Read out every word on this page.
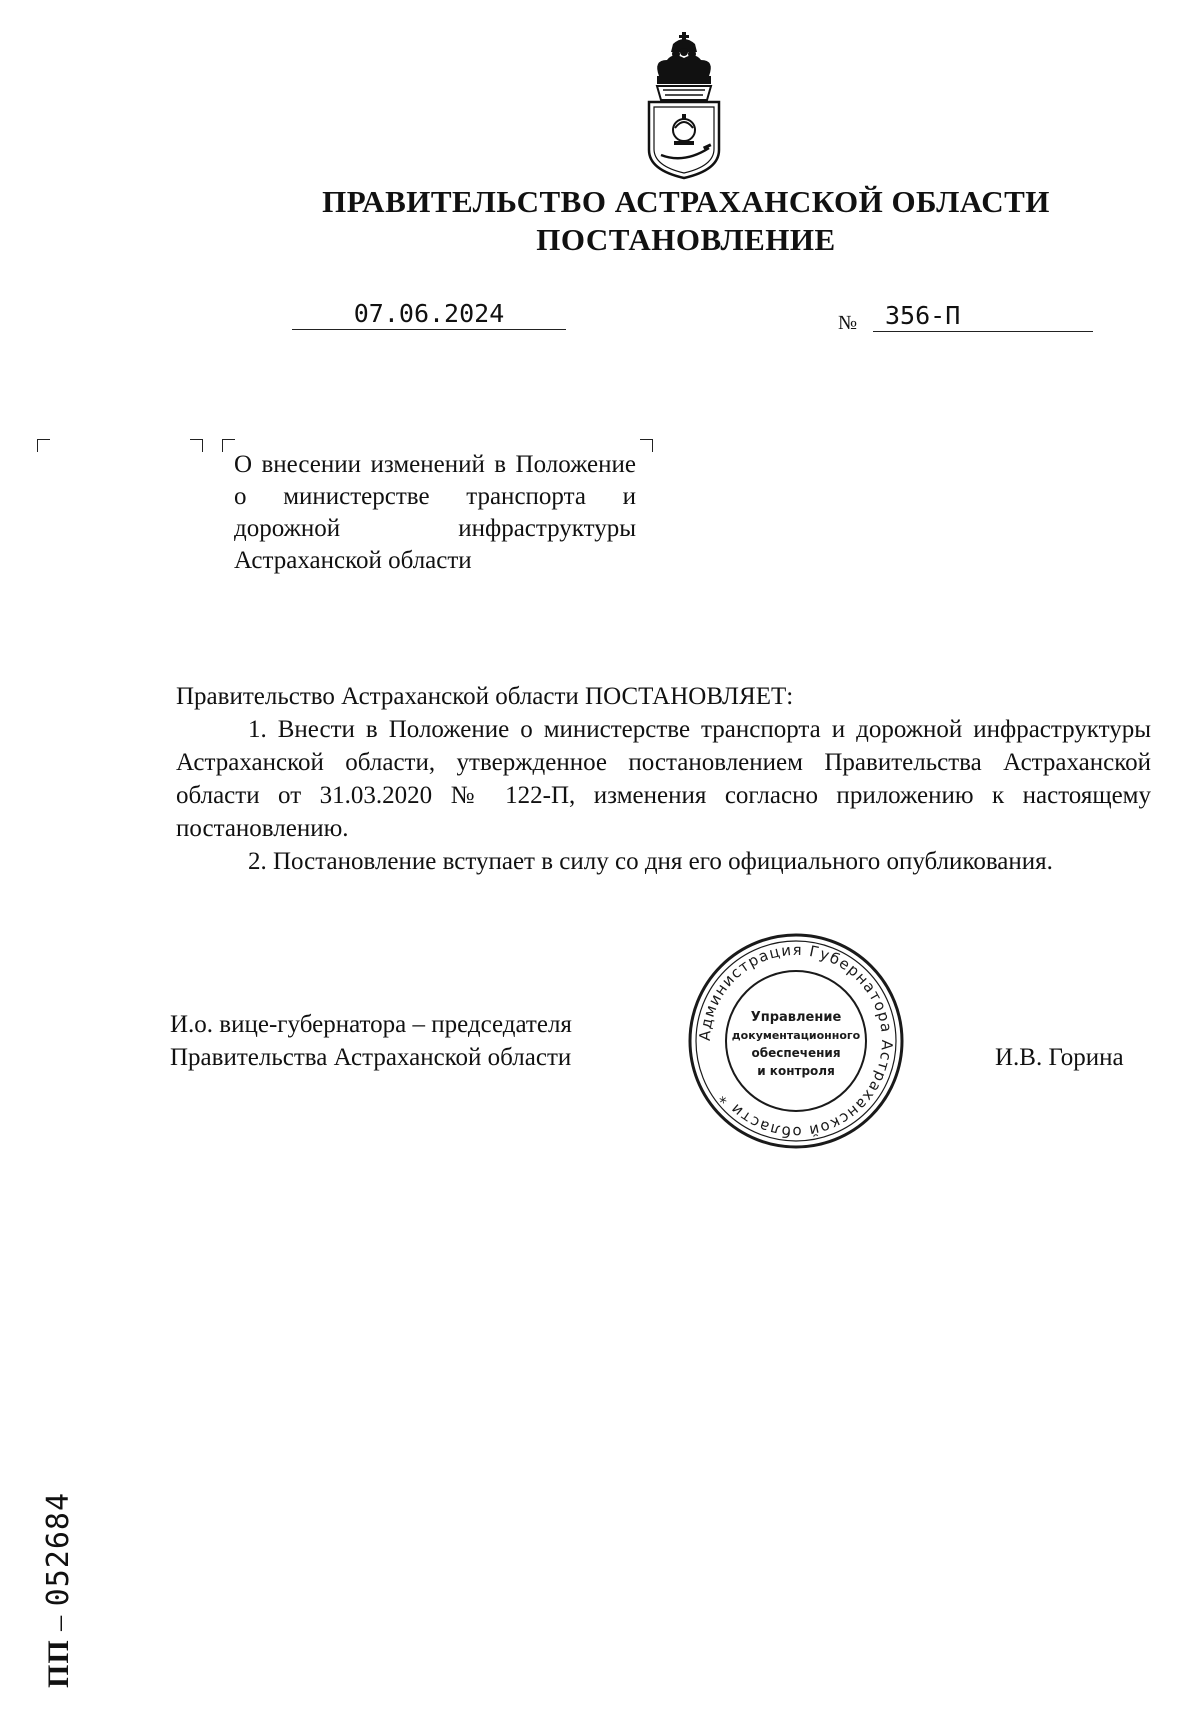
ПРАВИТЕЛЬСТВО АСТРАХАНСКОЙ ОБЛАСТИ
ПОСТАНОВЛЕНИЕ
07.06.2024	№ 356-П
О внесении изменений в Положение о министерстве транспорта и дорожной инфраструктуры Астраханской области

Правительство Астраханской области ПОСТАНОВЛЯЕТ:

1. Внести в Положение о министерстве транспорта и дорожной инфраструктуры Астраханской области, утвержденное постановлением Правительства Астраханской области от 31.03.2020 № 122-П, изменения согласно приложению к настоящему постановлению.

2. Постановление вступает в силу со дня его официального опубликования.

И.о. вице-губернатора – председателя
Правительства Астраханской области	И.В. Горина
Администрация Губернатора Астраханской области *
Управление
документационного
обеспечения
и контроля
ПП – 052684
